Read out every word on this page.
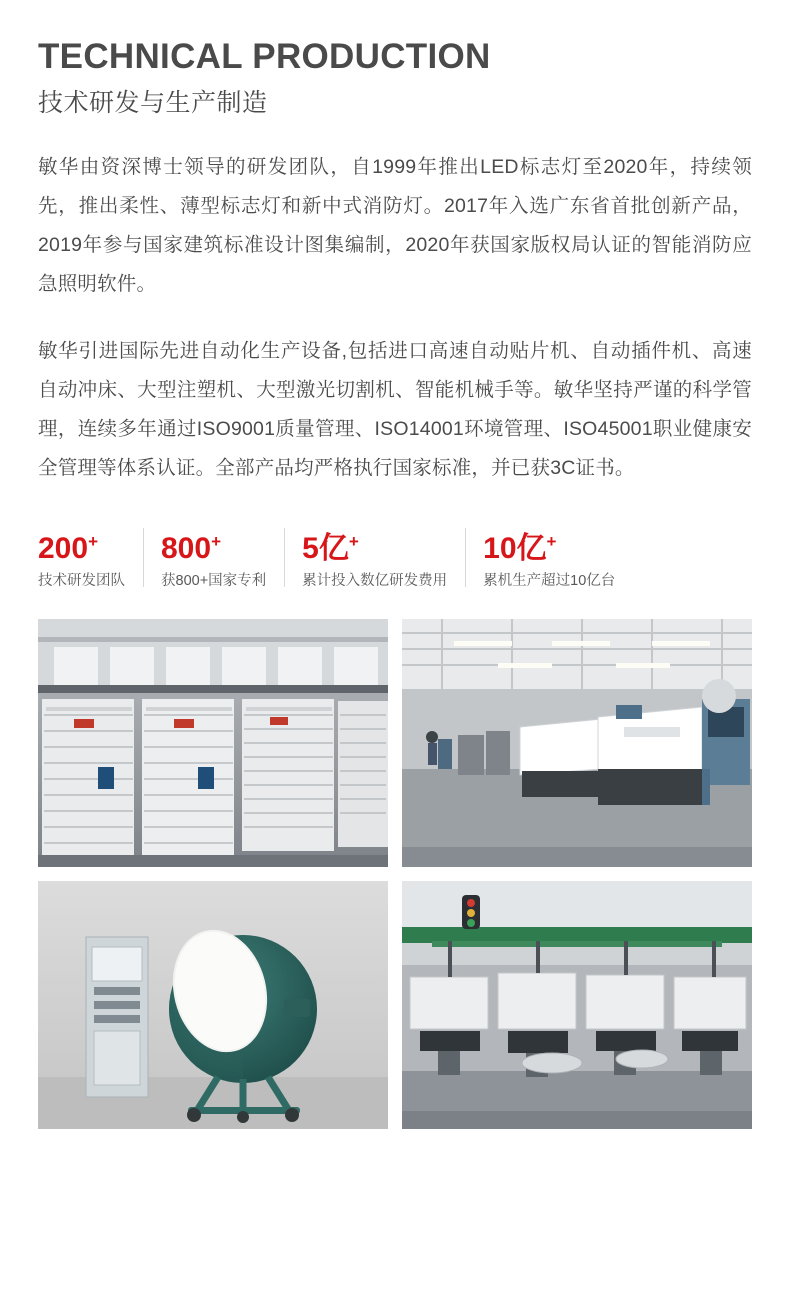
TECHNICAL PRODUCTION
技术研发与生产制造

敏华由资深博士领导的研发团队，自1999年推出LED标志灯至2020年，持续领先，推出柔性、薄型标志灯和新中式消防灯。2017年入选广东省首批创新产品，2019年参与国家建筑标准设计图集编制，2020年获国家版权局认证的智能消防应急照明软件。

敏华引进国际先进自动化生产设备,包括进口高速自动贴片机、自动插件机、高速自动冲床、大型注塑机、大型激光切割机、智能机械手等。敏华坚持严谨的科学管理，连续多年通过ISO9001质量管理、ISO14001环境管理、ISO45001职业健康安全管理等体系认证。全部产品均严格执行国家标准，并已获3C证书。

200+
技术研发团队
800+
获800+国家专利
5亿+
累计投入数亿研发费用
10亿+
累机生产超过10亿台
